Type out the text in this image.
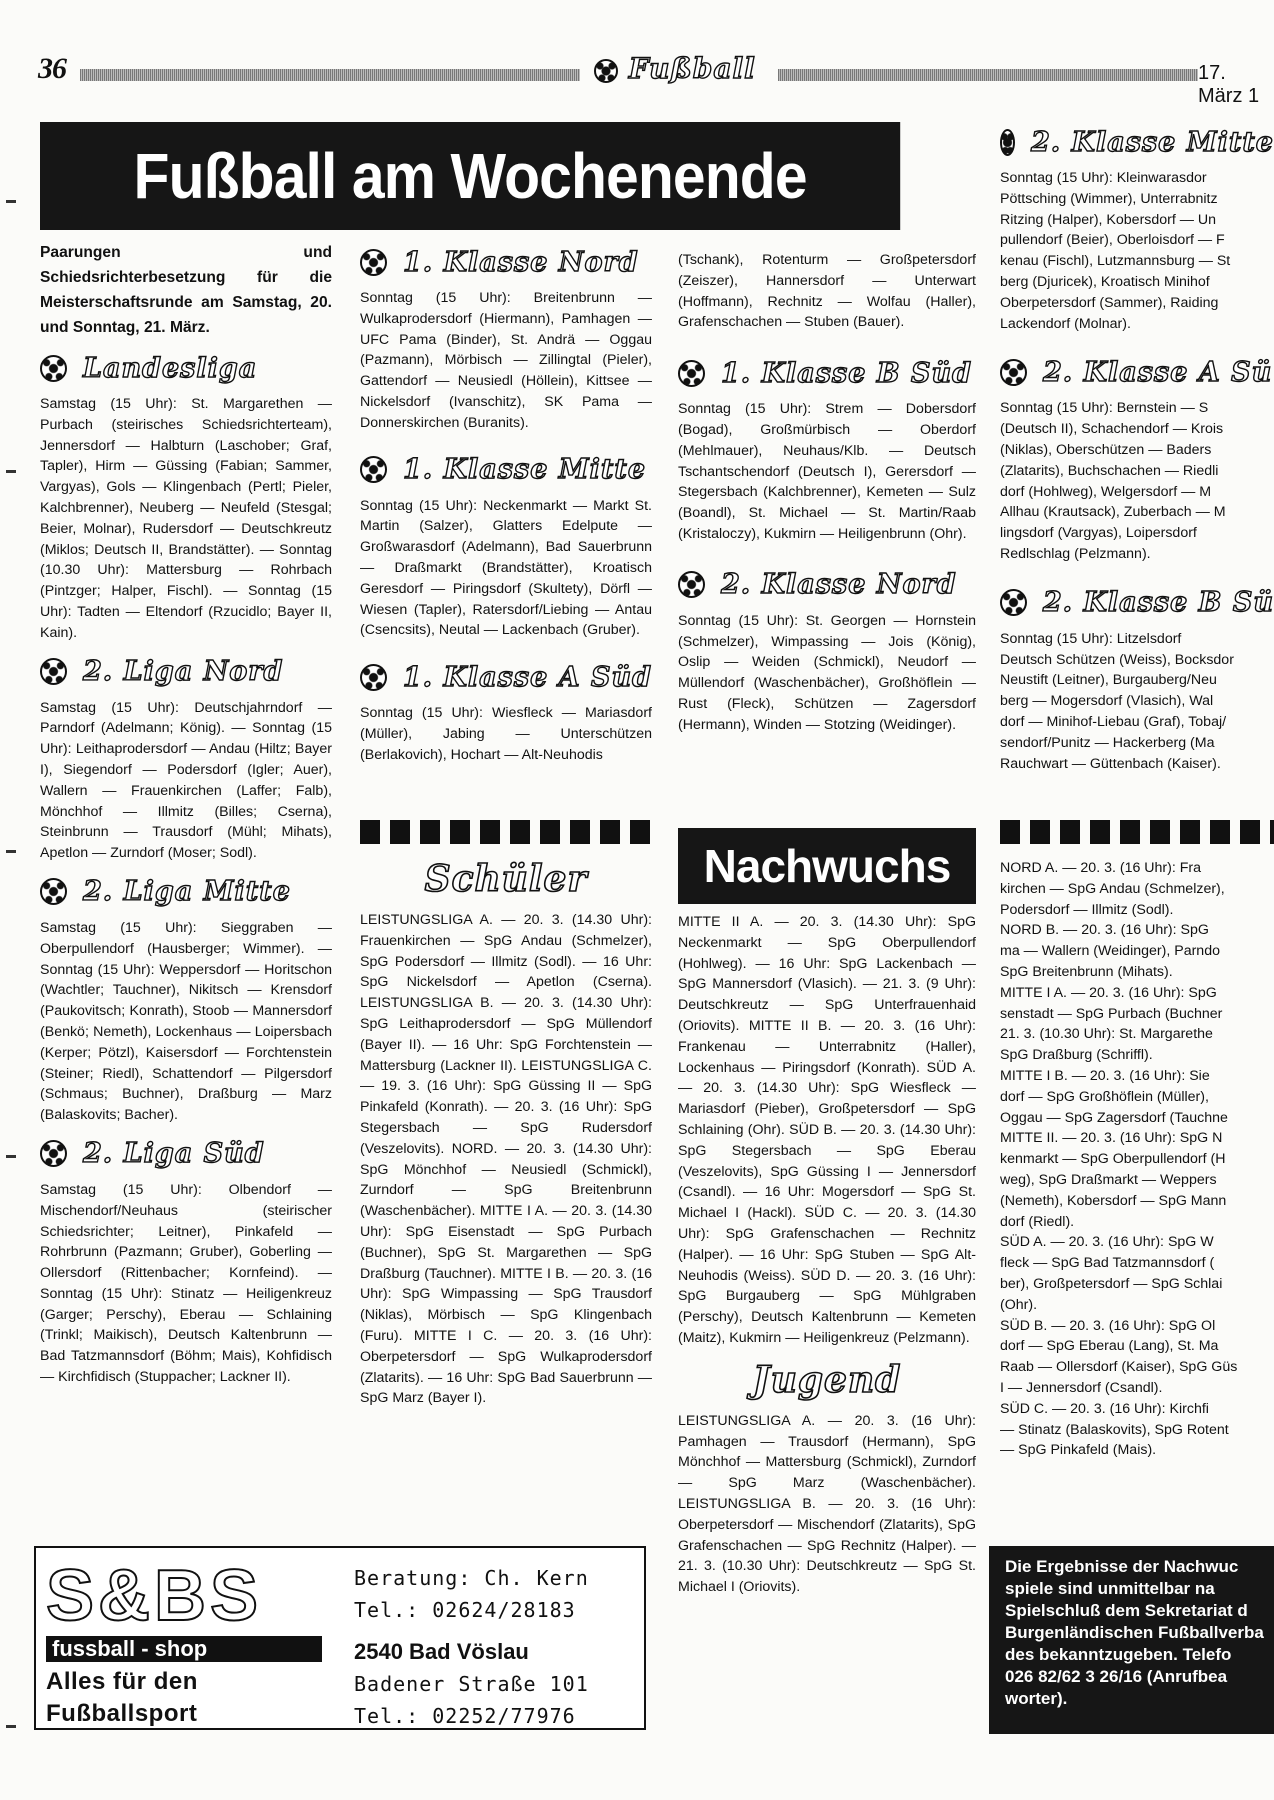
36	Fußball	17. März 1
Fußball am Wochenende
Paarungen und Schiedsrichterbesetzung für die Meisterschaftsrunde am Samstag, 20. und Sonntag, 21. März.
Landesliga
Samstag (15 Uhr): St. Margarethen — Purbach (steirisches Schiedsrichterteam), Jennersdorf — Halbturn (Laschober; Graf, Tapler), Hirm — Güssing (Fabian; Sammer, Vargyas), Gols — Klingenbach (Pertl; Pieler, Kalchbrenner), Neuberg — Neufeld (Stesgal; Beier, Molnar), Rudersdorf — Deutschkreutz (Miklos; Deutsch II, Brandstätter). — Sonntag (10.30 Uhr): Mattersburg — Rohrbach (Pintzger; Halper, Fischl). — Sonntag (15 Uhr): Tadten — Eltendorf (Rzucidlo; Bayer II, Kain).
2. Liga Nord
Samstag (15 Uhr): Deutschjahrndorf — Parndorf (Adelmann; König). — Sonntag (15 Uhr): Leithaprodersdorf — Andau (Hiltz; Bayer I), Siegendorf — Podersdorf (Igler; Auer), Wallern — Frauenkirchen (Laffer; Falb), Mönchhof — Illmitz (Billes; Cserna), Steinbrunn — Trausdorf (Mühl; Mihats), Apetlon — Zurndorf (Moser; Sodl).
2. Liga Mitte
Samstag (15 Uhr): Sieggraben — Oberpullendorf (Hausberger; Wimmer). — Sonntag (15 Uhr): Weppersdorf — Horitschon (Wachtler; Tauchner), Nikitsch — Krensdorf (Paukovitsch; Konrath), Stoob — Mannersdorf (Benkö; Nemeth), Lockenhaus — Loipersbach (Kerper; Pötzl), Kaisersdorf — Forchtenstein (Steiner; Riedl), Schattendorf — Pilgersdorf (Schmaus; Buchner), Draßburg — Marz (Balaskovits; Bacher).
2. Liga Süd
Samstag (15 Uhr): Olbendorf — Mischendorf/Neuhaus (steirischer Schiedsrichter; Leitner), Pinkafeld — Rohrbrunn (Pazmann; Gruber), Goberling — Ollersdorf (Rittenbacher; Kornfeind). — Sonntag (15 Uhr): Stinatz — Heiligenkreuz (Garger; Perschy), Eberau — Schlaining (Trinkl; Maikisch), Deutsch Kaltenbrunn — Bad Tatzmannsdorf (Böhm; Mais), Kohfidisch — Kirchfidisch (Stuppacher; Lackner II).
1. Klasse Nord
Sonntag (15 Uhr): Breitenbrunn — Wulkaprodersdorf (Hiermann), Pamhagen — UFC Pama (Binder), St. Andrä — Oggau (Pazmann), Mörbisch — Zillingtal (Pieler), Gattendorf — Neusiedl (Höllein), Kittsee — Nickelsdorf (Ivanschitz), SK Pama — Donnerskirchen (Buranits).
1. Klasse Mitte
Sonntag (15 Uhr): Neckenmarkt — Markt St. Martin (Salzer), Glatters Edelpute — Großwarasdorf (Adelmann), Bad Sauerbrunn — Draßmarkt (Brandstätter), Kroatisch Geresdorf — Piringsdorf (Skultety), Dörfl — Wiesen (Tapler), Ratersdorf/Liebing — Antau (Csencsits), Neutal — Lackenbach (Gruber).
1. Klasse A Süd
Sonntag (15 Uhr): Wiesfleck — Mariasdorf (Müller), Jabing — Unterschützen (Berlakovich), Hochart — Alt-Neuhodis
(Tschank), Rotenturm — Großpetersdorf (Zeiszer), Hannersdorf — Unterwart (Hoffmann), Rechnitz — Wolfau (Haller), Grafenschachen — Stuben (Bauer).
1. Klasse B Süd
Sonntag (15 Uhr): Strem — Dobersdorf (Bogad), Großmürbisch — Oberdorf (Mehlmauer), Neuhaus/Klb. — Deutsch Tschantschendorf (Deutsch I), Gerersdorf — Stegersbach (Kalchbrenner), Kemeten — Sulz (Boandl), St. Michael — St. Martin/Raab (Kristaloczy), Kukmirn — Heiligenbrunn (Ohr).
2. Klasse Nord
Sonntag (15 Uhr): St. Georgen — Hornstein (Schmelzer), Wimpassing — Jois (König), Oslip — Weiden (Schmickl), Neudorf — Müllendorf (Waschenbächer), Großhöflein — Rust (Fleck), Schützen — Zagersdorf (Hermann), Winden — Stotzing (Weidinger).
2. Klasse Mitte
Sonntag (15 Uhr): Kleinwarasdor
Pöttsching (Wimmer), Unterrabnitz
Ritzing (Halper), Kobersdorf — Un
pullendorf (Beier), Oberloisdorf — F
kenau (Fischl), Lutzmannsburg — St
berg (Djuricek), Kroatisch Minihof
Oberpetersdorf (Sammer), Raiding
Lackendorf (Molnar).
2. Klasse A Sü
Sonntag (15 Uhr): Bernstein — S
(Deutsch II), Schachendorf — Krois
(Niklas), Oberschützen — Baders
(Zlatarits), Buchschachen — Riedli
dorf (Hohlweg), Welgersdorf — M
Allhau (Krautsack), Zuberbach — M
lingsdorf (Vargyas), Loipersdorf
Redlschlag (Pelzmann).
2. Klasse B Sü
Sonntag (15 Uhr): Litzelsdorf
Deutsch Schützen (Weiss), Bocksdor
Neustift (Leitner), Burgauberg/Neu
berg — Mogersdorf (Vlasich), Wal
dorf — Minihof-Liebau (Graf), Tobaj/
sendorf/Punitz — Hackerberg (Ma
Rauchwart — Güttenbach (Kaiser).
Schüler
LEISTUNGSLIGA A. — 20. 3. (14.30 Uhr): Frauenkirchen — SpG Andau (Schmelzer), SpG Podersdorf — Illmitz (Sodl). — 16 Uhr: SpG Nickelsdorf — Apetlon (Cserna). LEISTUNGSLIGA B. — 20. 3. (14.30 Uhr): SpG Leithaprodersdorf — SpG Müllendorf (Bayer II). — 16 Uhr: SpG Forchtenstein — Mattersburg (Lackner II). LEISTUNGSLIGA C. — 19. 3. (16 Uhr): SpG Güssing II — SpG Pinkafeld (Konrath). — 20. 3. (16 Uhr): SpG Stegersbach — SpG Rudersdorf (Veszelovits). NORD. — 20. 3. (14.30 Uhr): SpG Mönchhof — Neusiedl (Schmickl), Zurndorf — SpG Breitenbrunn (Waschenbächer). MITTE I A. — 20. 3. (14.30 Uhr): SpG Eisenstadt — SpG Purbach (Buchner), SpG St. Margarethen — SpG Draßburg (Tauchner). MITTE I B. — 20. 3. (16 Uhr): SpG Wimpassing — SpG Trausdorf (Niklas), Mörbisch — SpG Klingenbach (Furu). MITTE I C. — 20. 3. (16 Uhr): Oberpetersdorf — SpG Wulkaprodersdorf (Zlatarits). — 16 Uhr: SpG Bad Sauerbrunn — SpG Marz (Bayer I).
Nachwuchs
MITTE II A. — 20. 3. (14.30 Uhr): SpG Neckenmarkt — SpG Oberpullendorf (Hohlweg). — 16 Uhr: SpG Lackenbach — SpG Mannersdorf (Vlasich). — 21. 3. (9 Uhr): Deutschkreutz — SpG Unterfrauenhaid (Oriovits). MITTE II B. — 20. 3. (16 Uhr): Frankenau — Unterrabnitz (Haller), Lockenhaus — Piringsdorf (Konrath). SÜD A. — 20. 3. (14.30 Uhr): SpG Wiesfleck — Mariasdorf (Pieber), Großpetersdorf — SpG Schlaining (Ohr). SÜD B. — 20. 3. (14.30 Uhr): SpG Stegersbach — SpG Eberau (Veszelovits), SpG Güssing I — Jennersdorf (Csandl). — 16 Uhr: Mogersdorf — SpG St. Michael I (Hackl). SÜD C. — 20. 3. (14.30 Uhr): SpG Grafenschachen — Rechnitz (Halper). — 16 Uhr: SpG Stuben — SpG Alt-Neuhodis (Weiss). SÜD D. — 20. 3. (16 Uhr): SpG Burgauberg — SpG Mühlgraben (Perschy), Deutsch Kaltenbrunn — Kemeten (Maitz), Kukmirn — Heiligenkreuz (Pelzmann).
Jugend
LEISTUNGSLIGA A. — 20. 3. (16 Uhr): Pamhagen — Trausdorf (Hermann), SpG Mönchhof — Mattersburg (Schmickl), Zurndorf — SpG Marz (Waschenbächer). LEISTUNGSLIGA B. — 20. 3. (16 Uhr): Oberpetersdorf — Mischendorf (Zlatarits), SpG Grafenschachen — SpG Rechnitz (Halper). — 21. 3. (10.30 Uhr): Deutschkreutz — SpG St. Michael I (Oriovits).
NORD A. — 20. 3. (16 Uhr): Fra
kirchen — SpG Andau (Schmelzer),
Podersdorf — Illmitz (Sodl).
NORD B. — 20. 3. (16 Uhr): SpG
ma — Wallern (Weidinger), Parndo
SpG Breitenbrunn (Mihats).
MITTE I A. — 20. 3. (16 Uhr): SpG
senstadt — SpG Purbach (Buchner
21. 3. (10.30 Uhr): St. Margarethe
SpG Draßburg (Schriffl).
MITTE I B. — 20. 3. (16 Uhr): Sie
dorf — SpG Großhöflein (Müller),
Oggau — SpG Zagersdorf (Tauchne
MITTE II. — 20. 3. (16 Uhr): SpG N
kenmarkt — SpG Oberpullendorf (H
weg), SpG Draßmarkt — Weppers
(Nemeth), Kobersdorf — SpG Mann
dorf (Riedl).
SÜD A. — 20. 3. (16 Uhr): SpG W
fleck — SpG Bad Tatzmannsdorf (
ber), Großpetersdorf — SpG Schlai
(Ohr).
SÜD B. — 20. 3. (16 Uhr): SpG Ol
dorf — SpG Eberau (Lang), St. Ma
Raab — Ollersdorf (Kaiser), SpG Güs
I — Jennersdorf (Csandl).
SÜD C. — 20. 3. (16 Uhr): Kirchfi
— Stinatz (Balaskovits), SpG Rotent
— SpG Pinkafeld (Mais).
S&BS
fussball - shop
Alles für den
Fußballsport
Beratung: Ch. Kern
Tel.: 02624/28183
2540 Bad Vöslau
Badener Straße 101
Tel.: 02252/77976
Die Ergebnisse der Nachwuc
spiele sind unmittelbar na
Spielschluß dem Sekretariat d
Burgenländischen Fußballverba
des bekanntzugeben. Telefo
026 82/62 3 26/16 (Anrufbea
worter).
